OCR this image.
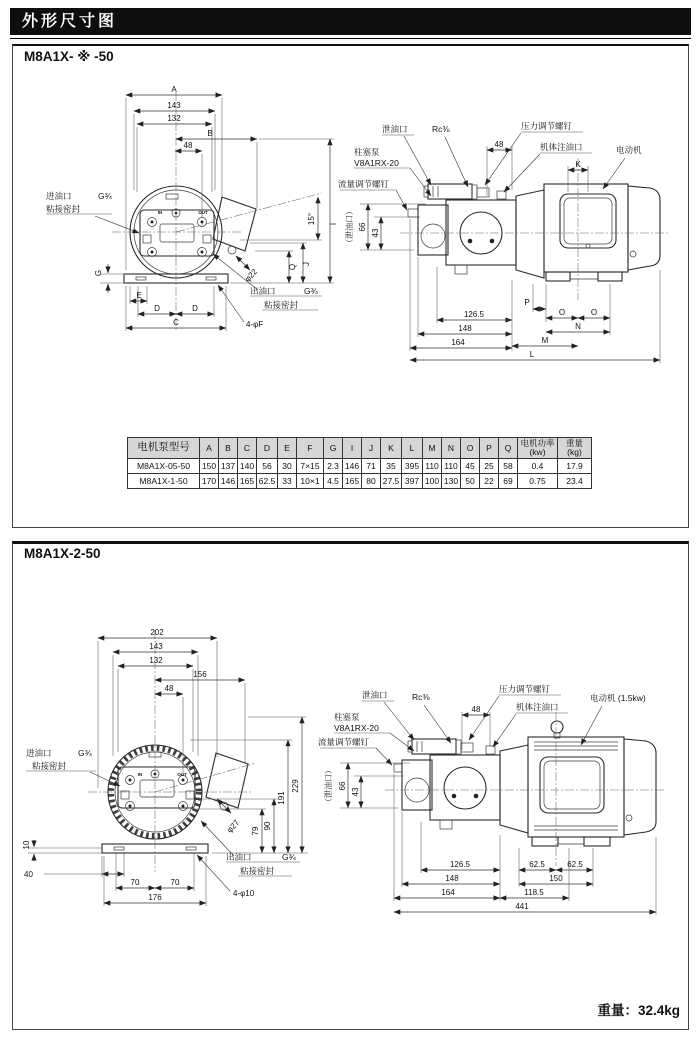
外形尺寸图
M8A1X- ※ -50
A
143
132
B
48
进油口	G¾
粘接密封
G
E
D	D
C	4-φF
15° I
J
Q
φ22
IN	OUT
出油口	G¾
粘接密封
泄油口	Rc⅜
48
压力调节螺钉
机体注油口	电动机
K
柱塞泵
V8A1RX-20
流量调节螺钉
（泄油口） 66
43
126.5
148
164
P
O	O
N
M
L
电机泵型号	A	B	C	D	E	F	G	I	J	K	L	M	N	O	P	Q	电机功率(kw)	重量 (kg)
M8A1X-05-50	150	137	140	56	30	7×15	2.3	146	71	35	395	110	110	45	25	58	0.4	17.9
M8A1X-1-50	170	146	165	62.5	33	10×1	4.5	165	80	27.5	397	100	130	50	22	69	0.75	23.4
M8A1X-2-50
202
143
132
156
48
进油口	G¾
粘接密封
10
40
70	70
176	4-φ10
φ27 79
90
191
229
IN	OUT
出油口	G¾
粘接密封
泄油口	Rc⅜
48
压力调节螺钉
机体注油口
电动机 (1.5kw)
柱塞泵
V8A1RX-20
流量调节螺钉
（泄油口） 66
43
126.5
148
164
62.5	62.5
150
118.5
441
重量：32.4kg
